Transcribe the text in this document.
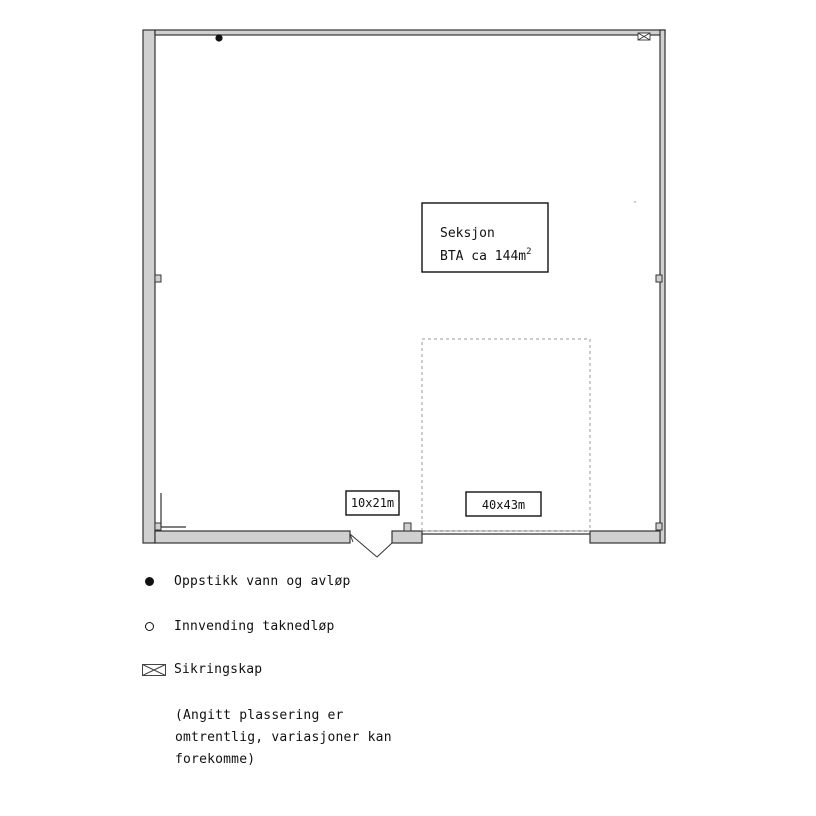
Seksjon
BTA ca $144m^2$
10x21m	40x43m
Oppstikk vann og avløp
Innvending taknedløp
Sikringskap
(Angitt plassering er
omtrentlig, variasjoner kan
forekomme)
